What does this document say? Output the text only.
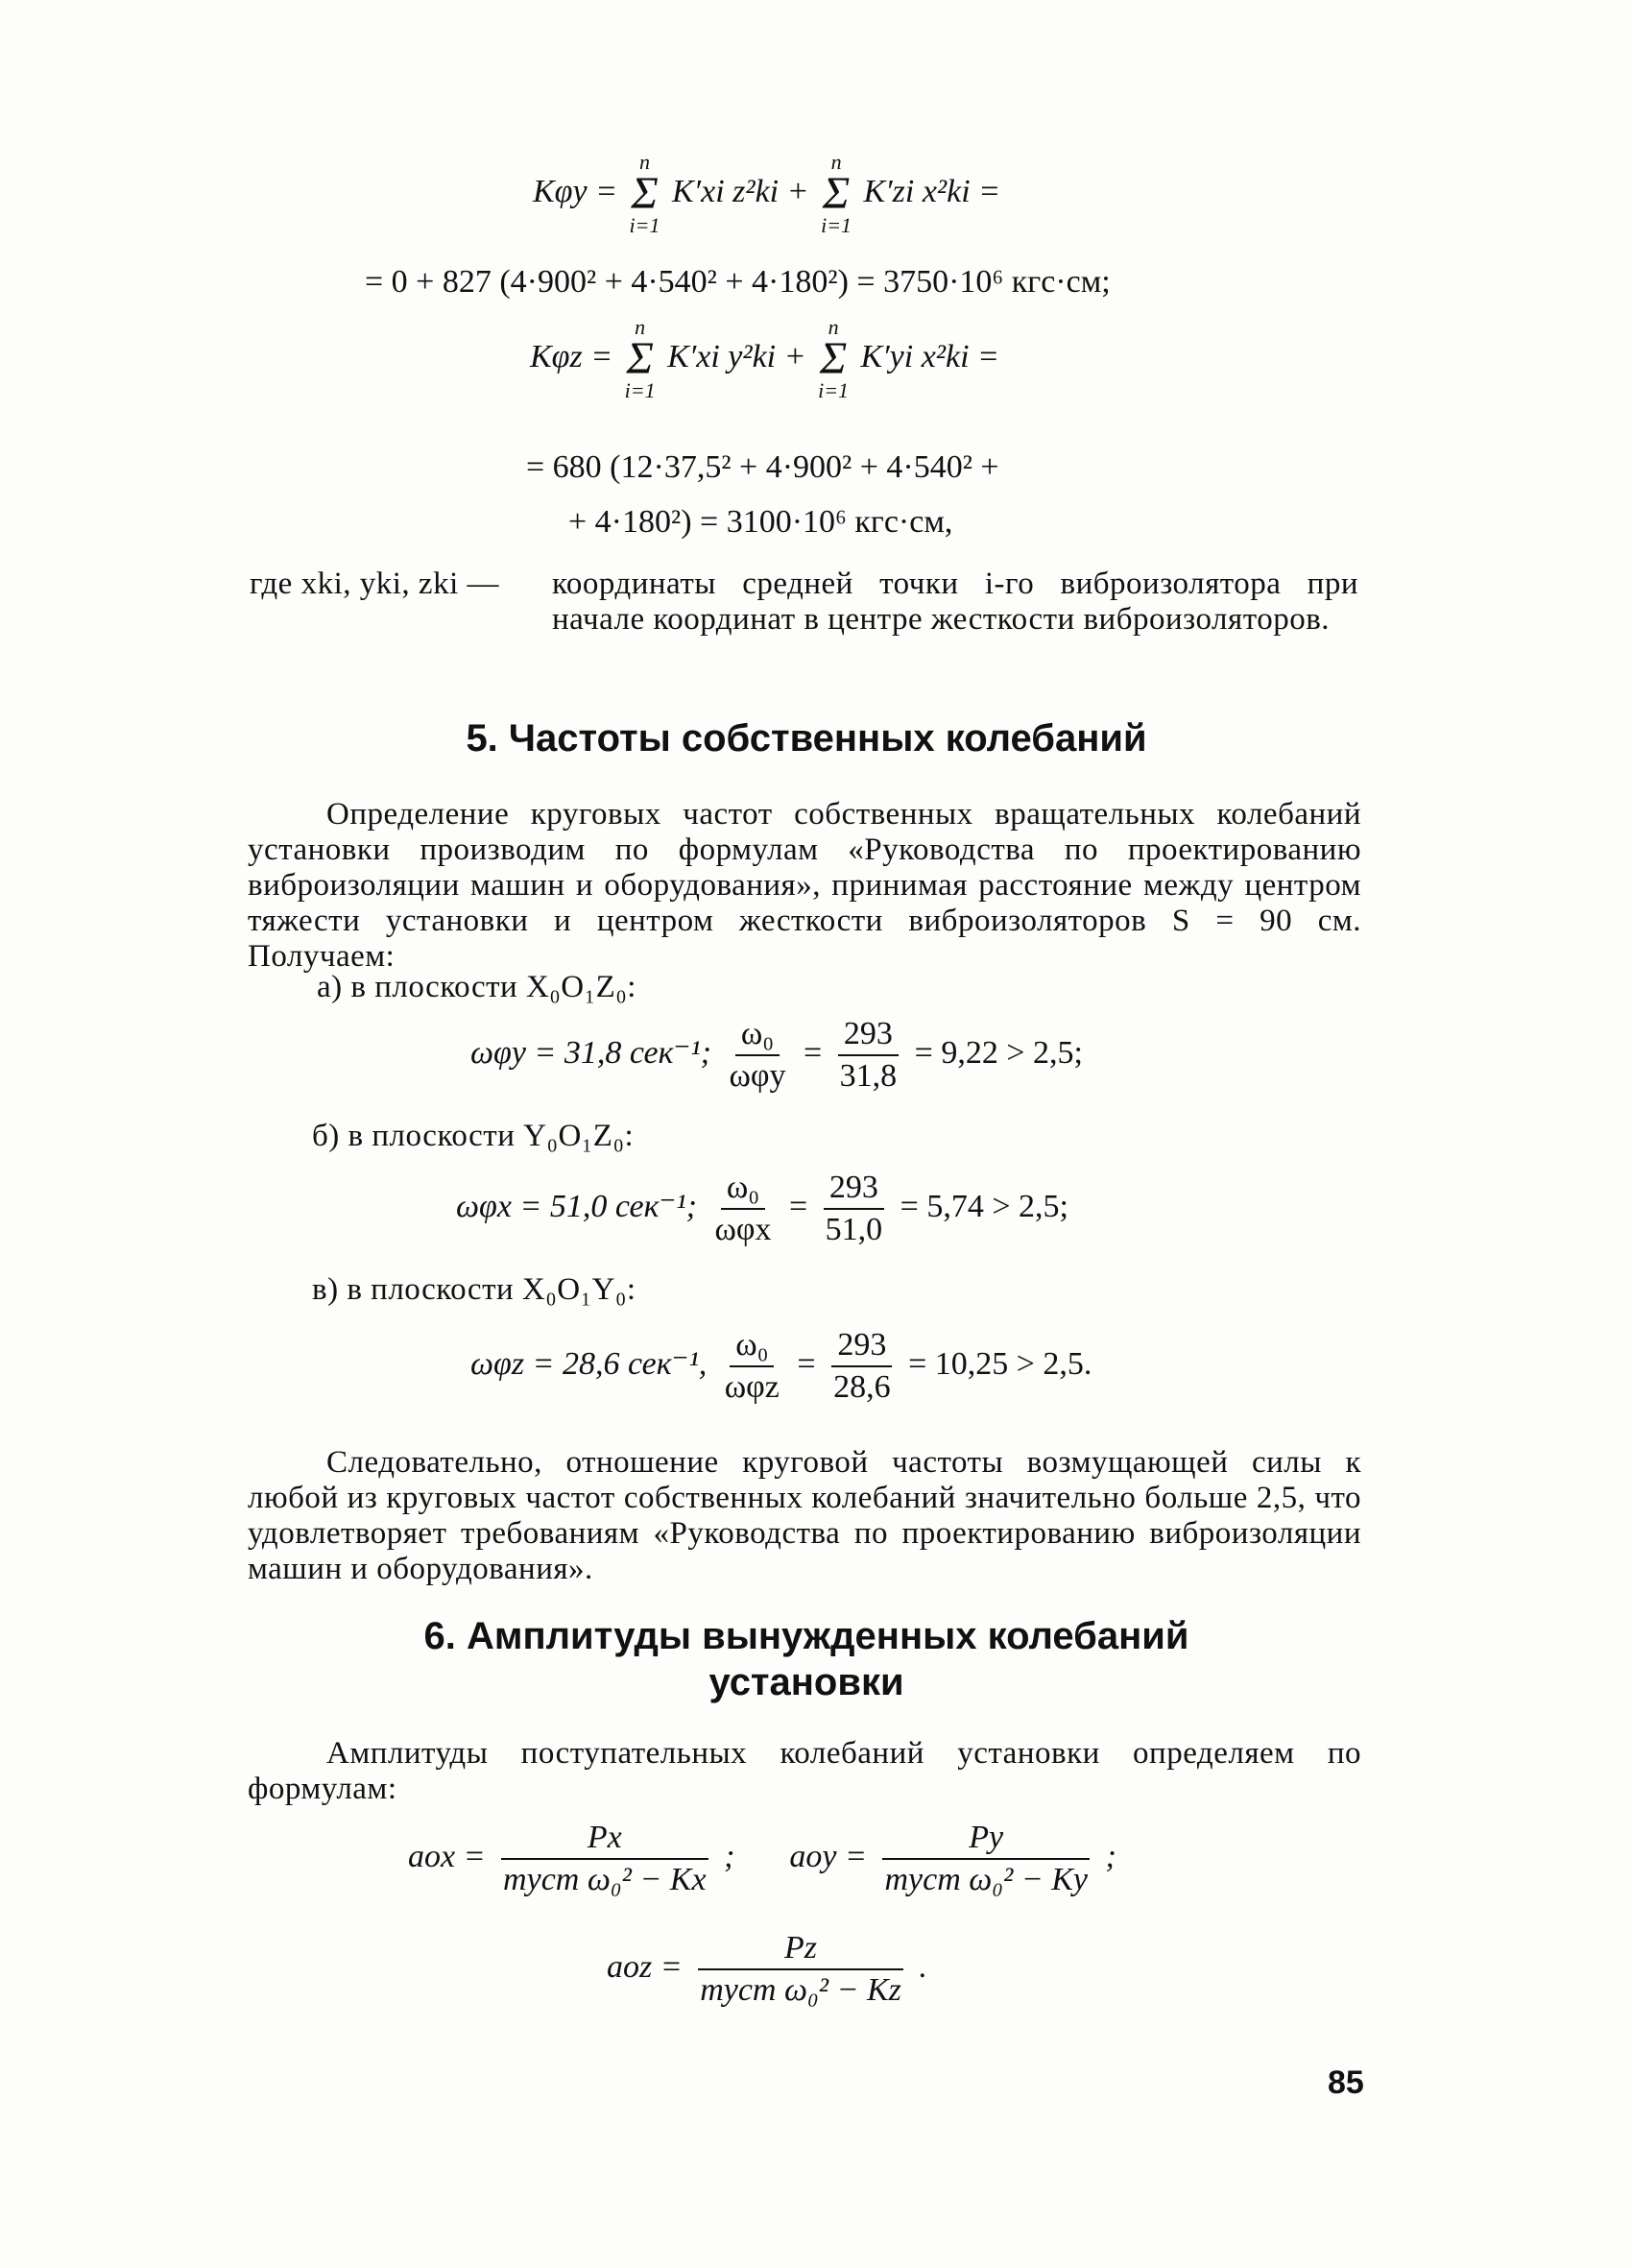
Kφy =
n
Σ
i=1
K′xi z²ki +
n
Σ
i=1
K′zi x²ki =
= 0 + 827 (4·900² + 4·540² + 4·180²) = 3750·10⁶ кгс·см;
Kφz =
n
Σ
i=1
K′xi y²ki +
n
Σ
i=1
K′yi x²ki =
= 680 (12·37,5² + 4·900² + 4·540² +
+ 4·180²) = 3100·10⁶ кгс·см,
где xki, yki, zki —	координаты средней точки i-го виброизолятора при начале координат в центре жесткости виброизоляторов.
5. Частоты собственных колебаний
Определение круговых частот собственных вращательных колебаний установки производим по формулам «Руководства по проектированию виброизоляции машин и оборудования», принимая расстояние между центром тяжести установки и центром жесткости виброизоляторов S = 90 см. Получаем:
а) в плоскости X₀O₁Z₀:
ωφy = 31,8 сек⁻¹; $\frac{\text{ω₀}}{\text{ωφy}} = \frac{293}{31,8} = 9,22 > 2,5$;
б) в плоскости Y₀O₁Z₀:
ωφx = 51,0 сек⁻¹; $\frac{\text{ω₀}}{\text{ωφx}} = \frac{293}{51,0} = 5,74 > 2,5$;
в) в плоскости X₀O₁Y₀:
ωφz = 28,6 сек⁻¹, $\frac{\text{ω₀}}{\text{ωφz}} = \frac{293}{28,6} = 10,25 > 2,5$.
Следовательно, отношение круговой частоты возмущающей силы к любой из круговых частот собственных колебаний значительно больше 2,5, что удовлетворяет требованиям «Руководства по проектированию виброизоляции машин и оборудования».
6. Амплитуды вынужденных колебаний
установки
Амплитуды поступательных колебаний установки определяем по формулам:
aox = $\frac{Px}{\text{mуст ω₀² − Kx}}$ ; aoy = $\frac{Py}{\text{mуст ω₀² − Ky}}$ ;
aoz = $\frac{Pz}{\text{mуст ω₀² − Kz}}$ .
85
